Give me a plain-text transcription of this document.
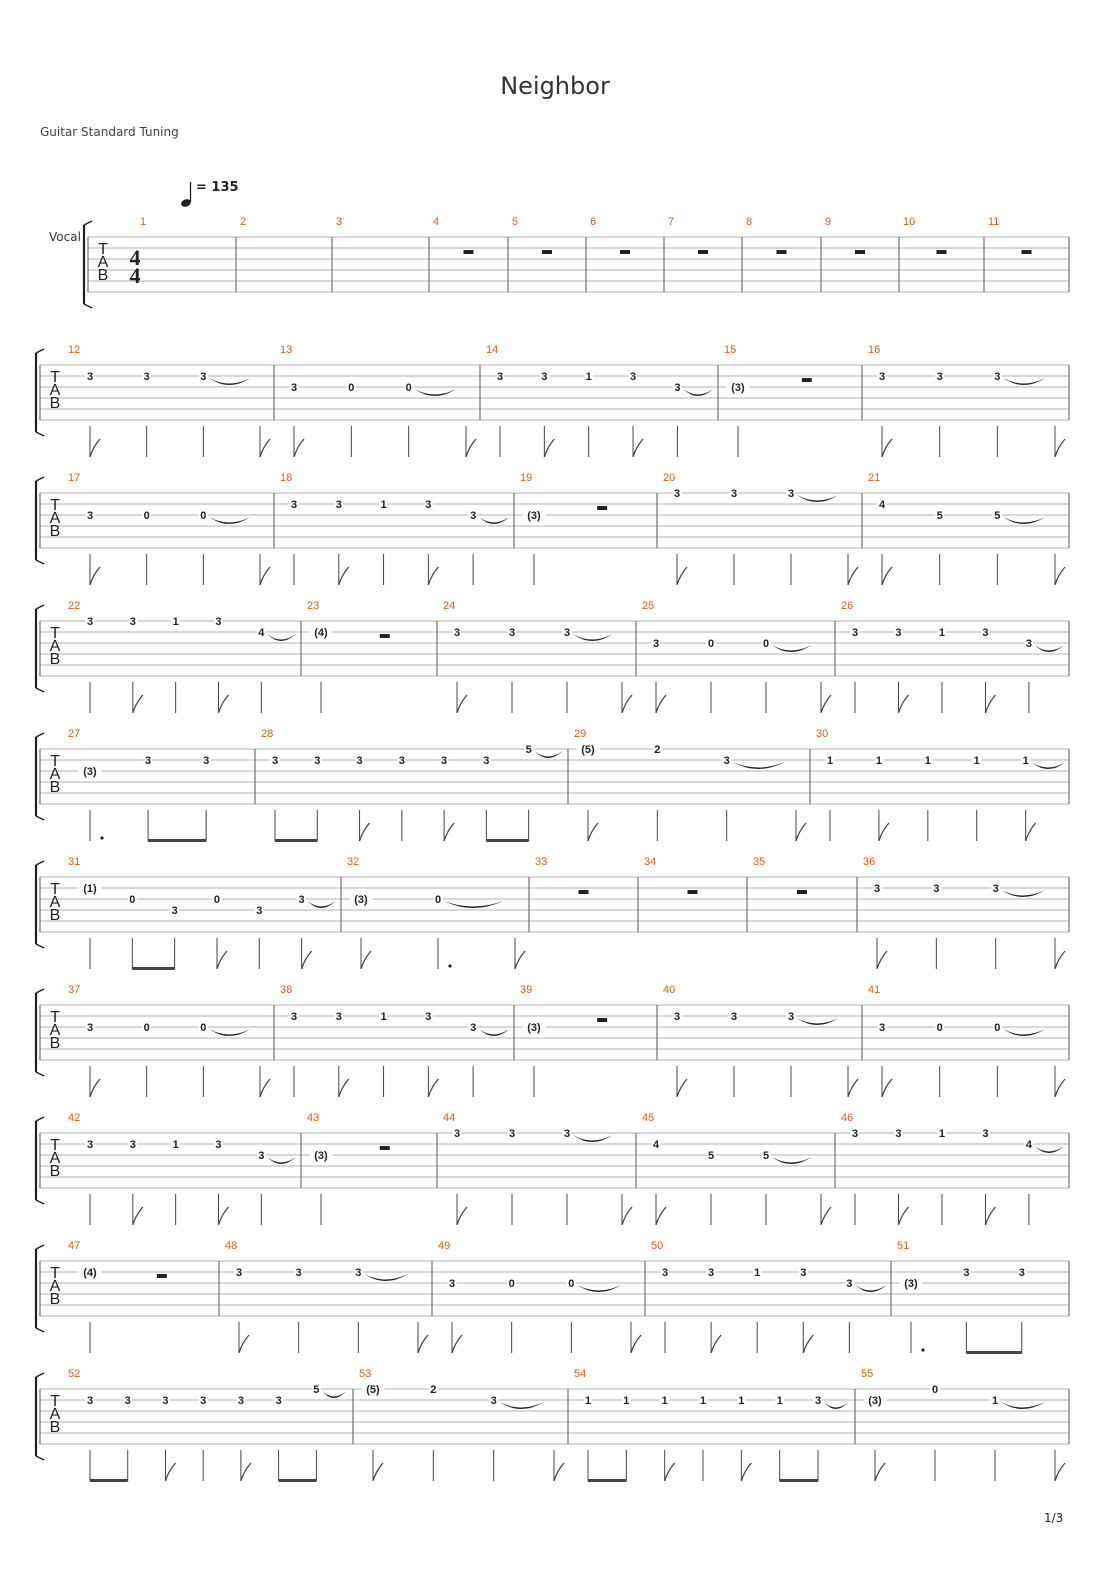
Neighbor
Guitar Standard Tuning
= 135
1/3
T
A
B
Vocal
4
4
1	2	3	4	5	6	7	8	9	10	11
T
A
B
12
3	3	3
13
3	0	0
14
3	3	1	3
3
15
(3)
16
3	3	3
T
A
B
17
3	0	0
18
3	3	1	3
3
19
(3)
20
3	3	3
21
4
5	5
T
A
B
22
3	3	1	3
4
23
(4)
24
3	3	3
25
3	0	0
26
3	3	1	3
3
T
A
B
27
(3)
3	3
28
3	3	3	3	3	3
5
29
(5)	2
3
30
1	1	1	1	1
T
A
B
31
(1)
0
3
0
3
3
32
(3)	0
33	34	35	36
3	3	3
T
A
B
37
3	0	0
38
3	3	1	3
3
39
(3)
40
3	3	3
41
3	0	0
T
A
B
42
3	3	1	3
3
43
(3)
44
3	3	3
45
4
5	5
46
3	3	1	3
4
T
A
B
47
(4)
48
3	3	3
49
3	0	0
50
3	3	1	3
3
51
(3)
3	3
T
A
B
52
3	3	3	3	3	3
5
53
(5)	2
3
54
1	1	1	1	1	1	3
55
(3)
0
1
